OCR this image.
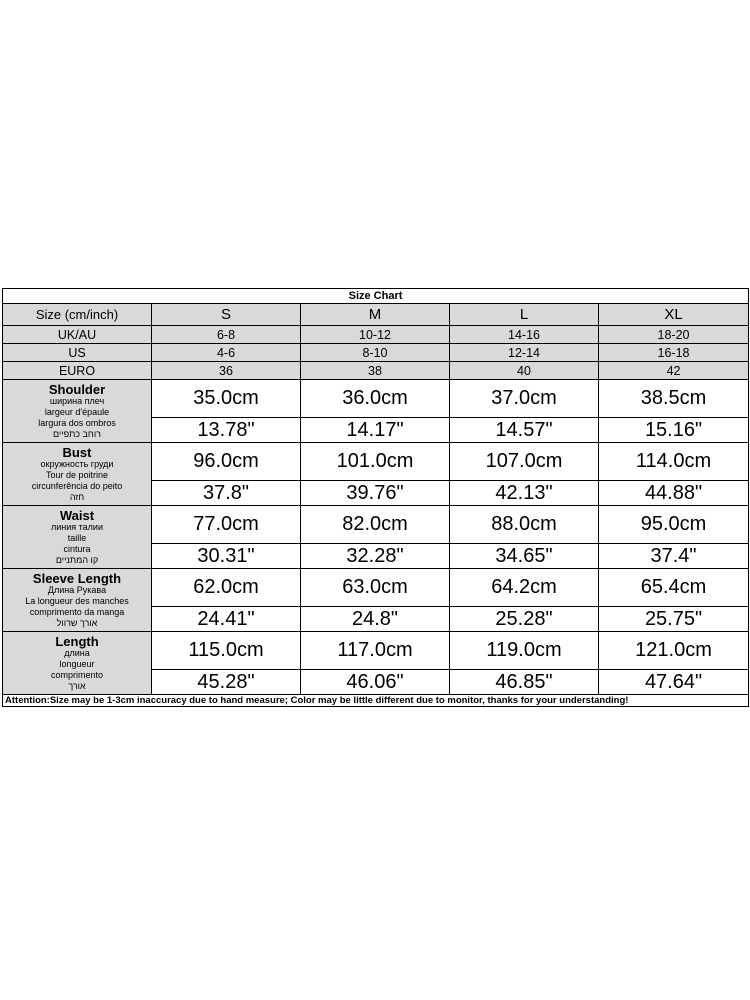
Size Chart				
Size (cm/inch)	S	M	L	XL
UK/AU	6-8	10-12	14-16	18-20
US	4-6	8-10	12-14	16-18
EURO	36	38	40	42

Shoulder
ширина плеч
largeur d'épaule
largura dos ombros
רוחב כתפיים	35.0cm	36.0cm	37.0cm	38.5cm
	13.78"	14.17"	14.57"	15.16"

Bust
окружность груди
Tour de poitrine
circunferência do peito
חזה	96.0cm	101.0cm	107.0cm	114.0cm
	37.8"	39.76"	42.13"	44.88"

Waist
линия талии
taille
cintura
קו המתניים	77.0cm	82.0cm	88.0cm	95.0cm
	30.31"	32.28"	34.65"	37.4"

Sleeve Length
Длина Рукава
La longueur des manches
comprimento da manga
אורך שרוול	62.0cm	63.0cm	64.2cm	65.4cm
	24.41"	24.8"	25.28"	25.75"

Length
длина
longueur
comprimento
אורך	115.0cm	117.0cm	119.0cm	121.0cm
	45.28"	46.06"	46.85"	47.64"
Attention:Size may be 1-3cm inaccuracy due to hand measure; Color may be little different due to monitor, thanks for your understanding!				
